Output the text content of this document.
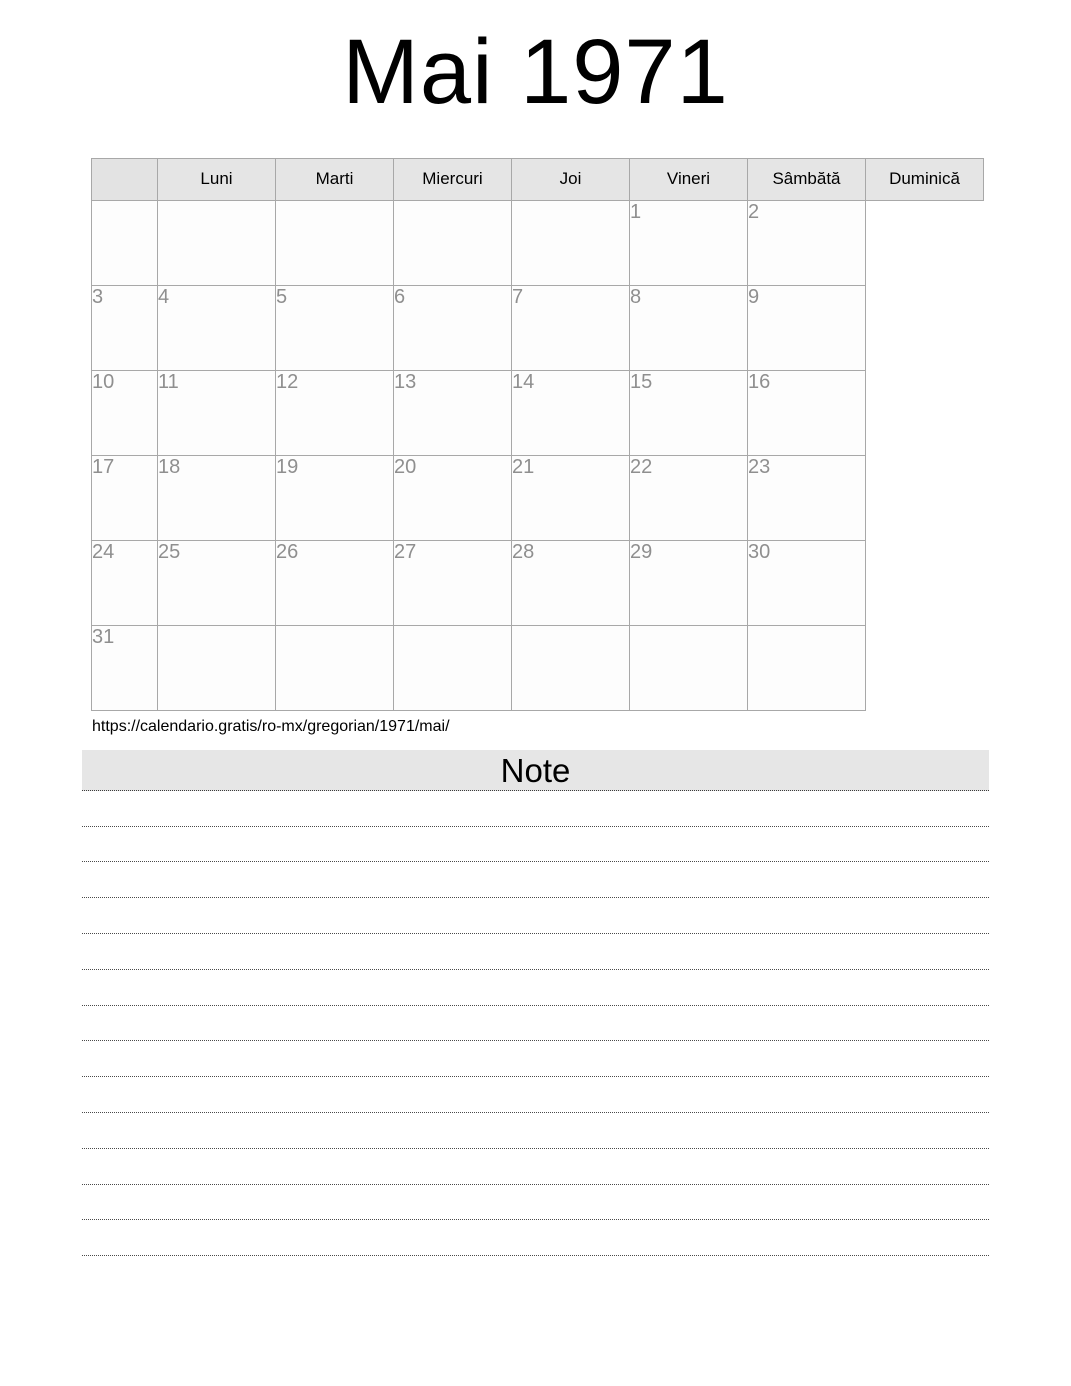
Mai 1971
	Luni	Marti	Miercuri	Joi	Vineri	Sâmbătă	Duminică
					1	2	
3	4	5	6	7	8	9	
10	11	12	13	14	15	16	
17	18	19	20	21	22	23	
24	25	26	27	28	29	30	
31							
https://calendario.gratis/ro-mx/gregorian/1971/mai/
Note
